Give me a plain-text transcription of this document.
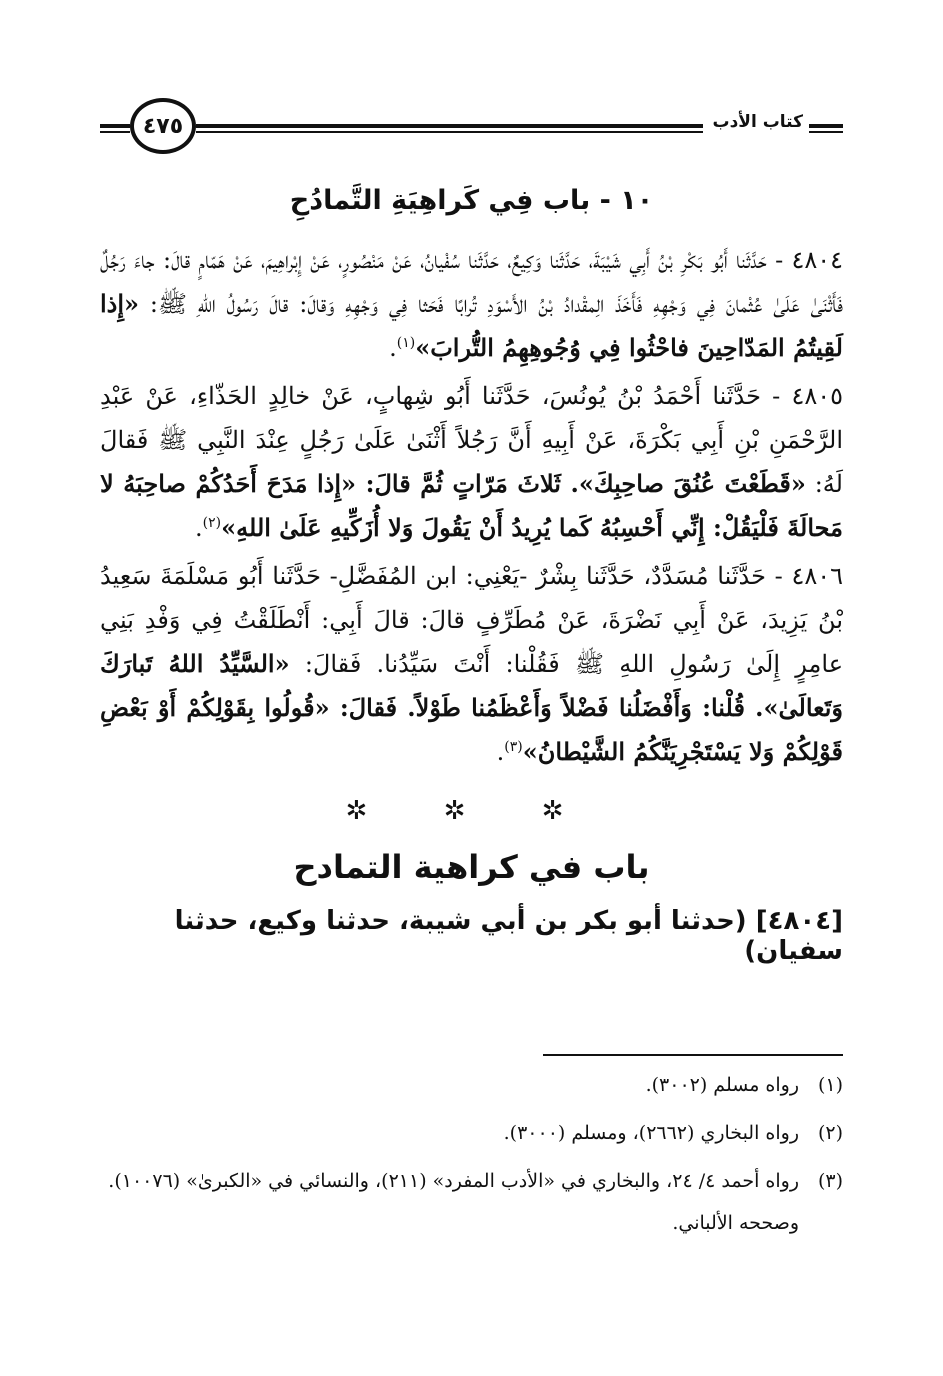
٤٧٥	كتاب الأدب
١٠ - باب فِي كَراهِيَةِ التَّمادُحِ

٤٨٠٤ - حَدَّثَنا أَبُو بَكْرِ بْنُ أَبِي شَيْبَةَ، حَدَّثَنا وَكِيعٌ، حَدَّثَنا سُفْيانُ، عَنْ مَنْصُورٍ، عَنْ إِبْراهِيمَ، عَنْ هَمّامٍ قالَ: جاءَ رَجُلٌ فَأَثْنَىٰ عَلَىٰ عُثْمانَ فِي وَجْهِهِ فَأَخَذَ الِمقْدادُ بْنُ الأَسْوَدِ تُرابًا فَحَثا فِي وَجْهِهِ وَقالَ: قالَ رَسُولُ اللهِ ﷺ: «إِذا لَقِيتُمُ المَدّاحِينَ فاحْثُوا فِي وُجُوهِهِمُ التُّرابَ»$^{(١)}$.

٤٨٠٥ - حَدَّثَنا أَحْمَدُ بْنُ يُونُسَ، حَدَّثَنا أَبُو شِهابٍ، عَنْ خالِدٍ الحَذّاءِ، عَنْ عَبْدِ الرَّحْمَنِ بْنِ أَبِي بَكْرَةَ، عَنْ أَبِيهِ أَنَّ رَجُلاً أَثْنَىٰ عَلَىٰ رَجُلٍ عِنْدَ النَّبِي ﷺ فَقالَ لَهُ: «قَطَعْتَ عُنُقَ صاحِبِكَ». ثَلاثَ مَرّاتٍ ثُمَّ قالَ: «إِذا مَدَحَ أَحَدُكُمْ صاحِبَهُ لا مَحالَةَ فَلْيَقُلْ: إِنِّي أَحْسِبُهُ كَما يُرِيدُ أَنْ يَقُولَ وَلا أُزَكِّيهِ عَلَىٰ اللهِ»$^{(٢)}$.

٤٨٠٦ - حَدَّثَنا مُسَدَّدٌ، حَدَّثَنا بِشْرٌ -يَعْنِي: ابن المُفَضَّلِ- حَدَّثَنا أَبُو مَسْلَمَةَ سَعِيدُ بْنُ يَزِيدَ، عَنْ أَبِي نَضْرَةَ، عَنْ مُطَرِّفٍ قالَ: قالَ أَبِي: أَنْطَلَقْتُ فِي وَفْدِ بَنِي عامِرٍ إِلَىٰ رَسُولِ اللهِ ﷺ فَقُلْنا: أَنْتَ سَيِّدُنا. فَقالَ: «السَّيِّدُ اللهُ تَبارَكَ وَتَعالَىٰ». قُلْنا: وَأَفْضَلُنا فَضْلاً وَأَعْظَمُنا طَوْلاً. فَقالَ: «قُولُوا بِقَوْلِكُمْ أَوْ بَعْضِ قَوْلِكُمْ وَلا يَسْتَجْرِيَنَّكُمُ الشَّيْطانُ»$^{(٣)}$.

✲ ✲ ✲
باب في كراهية التمادح

[٤٨٠٤] (حدثنا أبو بكر بن أبي شيبة، حدثنا وكيع، حدثنا سفيان)

(١)رواه مسلم (٣٠٠٢).
(٢)رواه البخاري (٢٦٦٢)، ومسلم (٣٠٠٠).
(٣)رواه أحمد ٤/ ٢٤، والبخاري في «الأدب المفرد» (٢١١)، والنسائي في «الكبرىٰ» (١٠٠٧٦).
وصححه الألباني.
